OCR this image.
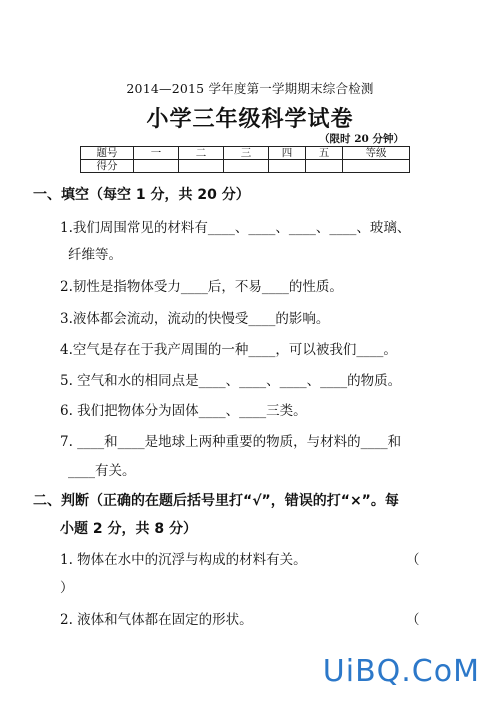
2014—2015 学年度第一学期期末综合检测
小学三年级科学试卷
（限时 20 分钟）
题号	一	二	三	四	五	等级
得分						
一、填空（每空 1 分，共 20 分）
1.我们周围常见的材料有____、____、____、____、玻璃、
纤维等。
2.韧性是指物体受力____后，不易____的性质。
3.液体都会流动，流动的快慢受____的影响。
4.空气是存在于我产周围的一种____，可以被我们____。
5. 空气和水的相同点是____、____、____、____的物质。
6. 我们把物体分为固体____、____三类。
7. ____和____是地球上两种重要的物质，与材料的____和
____有关。
二、判断（正确的在题后括号里打“√”，错误的打“×”。每
小题 2 分，共 8 分）
1. 物体在水中的沉浮与构成的材料有关。	（
）
2. 液体和气体都在固定的形状。	（
UiBQ.CoM
